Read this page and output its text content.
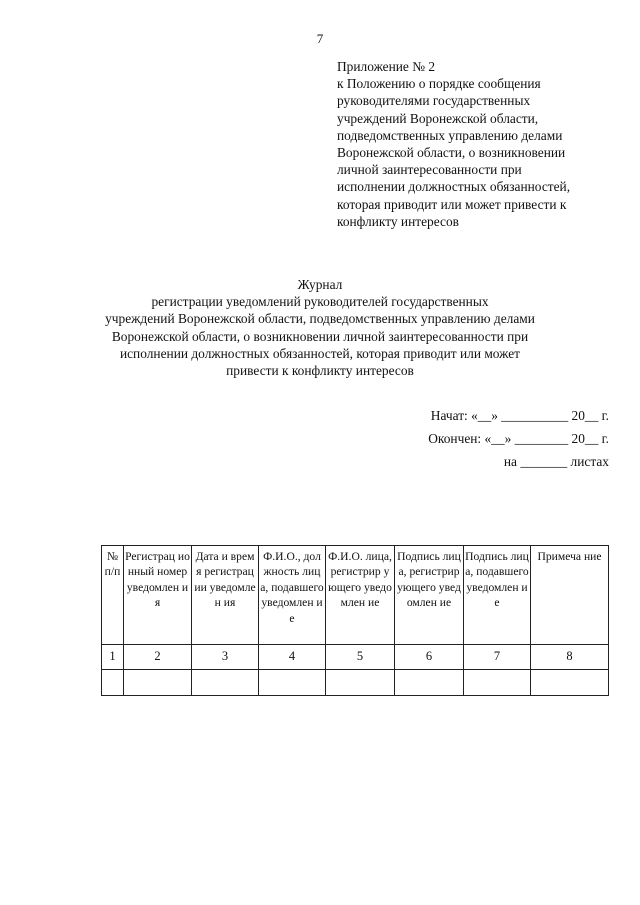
7
Приложение № 2
к Положению о порядке сообщения
руководителями государственных
учреждений Воронежской области,
подведомственных управлению делами
Воронежской области, о возникновении
личной заинтересованности при
исполнении должностных обязанностей,
которая приводит или может привести к
конфликту интересов
Журнал
регистрации уведомлений руководителей государственных
учреждений Воронежской области, подведомственных управлению делами
Воронежской области, о возникновении личной заинтересованности при
исполнении должностных обязанностей, которая приводит или может
привести к конфликту интересов
Начат: «__» __________ 20__ г.
Окончен: «__» ________ 20__ г.
на _______ листах
№ п/п	Регистрац ионный номер уведомлен ия	Дата и время регистрац ии уведомлен ия	Ф.И.О., должность лица, подавшего уведомлен ие	Ф.И.О. лица, регистрир ующего уведомлен ие	Подпись лица, регистрир ующего уведомлен ие	Подпись лица, подавшего уведомлен ие	Примеча ние
1	2	3	4	5	6	7	8
